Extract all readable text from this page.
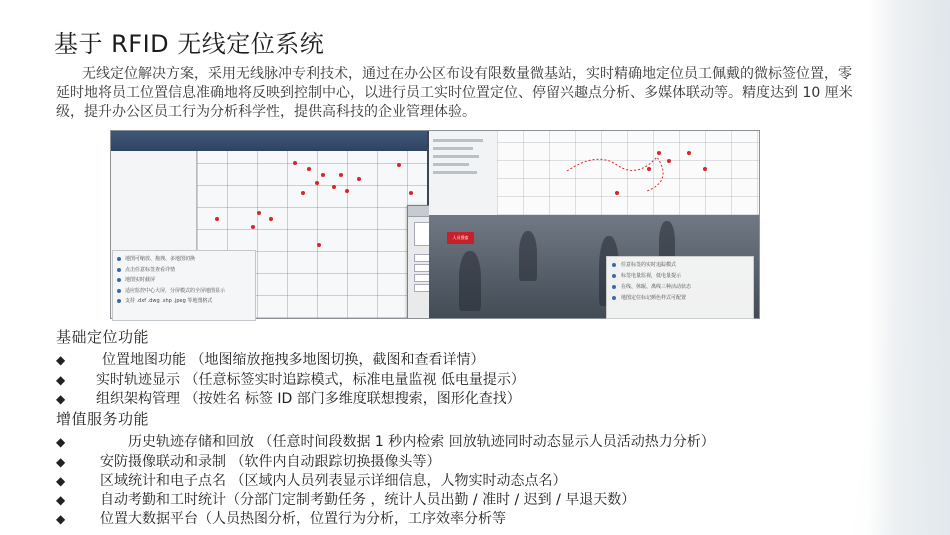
基于 RFID 无线定位系统
无线定位解决方案，采用无线脉冲专利技术，通过在办公区布设有限数量微基站，实时精确地定位员工佩戴的微标签位置，零延时地将员工位置信息准确地将反映到控制中心，以进行员工实时位置定位、停留兴趣点分析、多媒体联动等。精度达到 10 厘米级，提升办公区员工行为分析科学性，提供高科技的企业管理体验。
人员搜索
地图可缩放、拖拽、多地图切换
点击任意标签查看详情
地图实时截屏
适应监控中心大屏，分屏模式的全屏地图显示
支持 .dxf .dwg .shp .jpeg 等地图格式
任意标签的实时追踪模式
标签电量监视，低电量提示
在线、休眠、离线三种活动状态
地图定位标记颜色样式可配置
基础定位功能
◆	位置地图功能 （地图缩放拖拽多地图切换，截图和查看详情）
◆ 实时轨迹显示 （任意标签实时追踪模式，标准电量监视 低电量提示）
◆ 组织架构管理 （按姓名 标签 ID 部门多维度联想搜索，图形化查找）
增值服务功能
◆	历史轨迹存储和回放 （任意时间段数据 1 秒内检索 回放轨迹同时动态显示人员活动热力分析）
◆ 安防摄像联动和录制 （软件内自动跟踪切换摄像头等）
◆ 区域统计和电子点名 （区域内人员列表显示详细信息，人物实时动态点名）
◆ 自动考勤和工时统计（分部门定制考勤任务 ，统计人员出勤 / 准时 / 迟到 / 早退天数）
◆ 位置大数据平台（人员热图分析，位置行为分析，工序效率分析等
